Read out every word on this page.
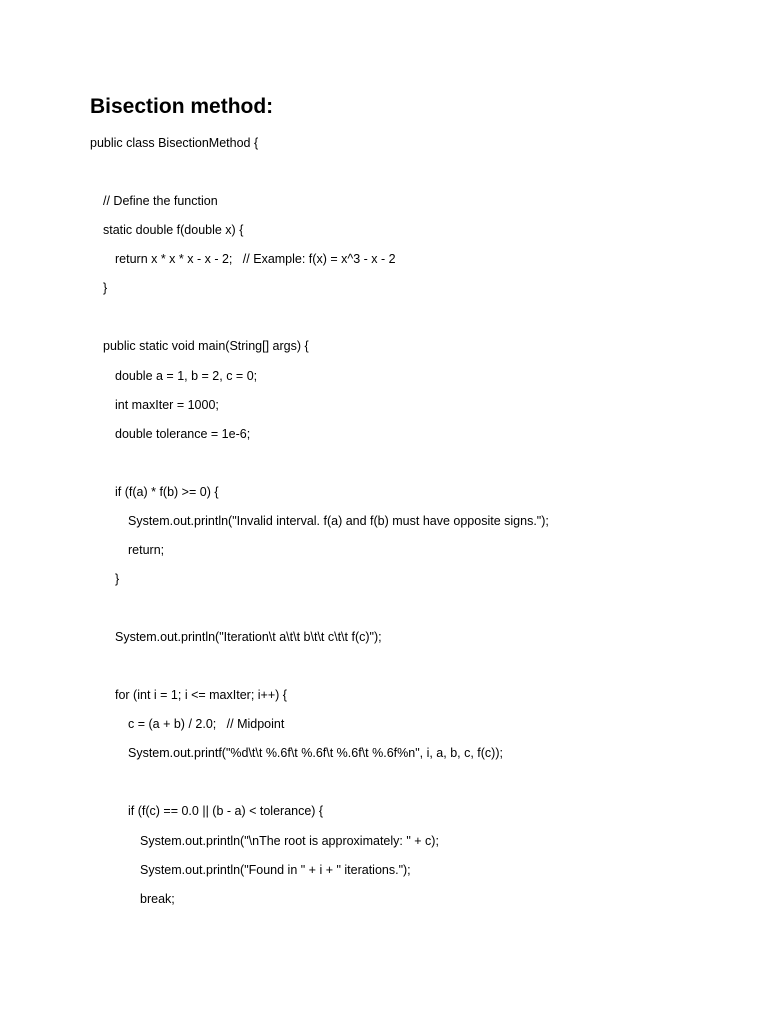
Bisection method:
public class BisectionMethod {
// Define the function
static double f(double x) {
return x * x * x - x - 2;   // Example: f(x) = x^3 - x - 2
}
public static void main(String[] args) {
double a = 1, b = 2, c = 0;
int maxIter = 1000;
double tolerance = 1e-6;
if (f(a) * f(b) >= 0) {
System.out.println("Invalid interval. f(a) and f(b) must have opposite signs.");
return;
}
System.out.println("Iteration\t a\t\t b\t\t c\t\t f(c)");
for (int i = 1; i <= maxIter; i++) {
c = (a + b) / 2.0;   // Midpoint
System.out.printf("%d\t\t %.6f\t %.6f\t %.6f\t %.6f%n", i, a, b, c, f(c));
if (f(c) == 0.0 || (b - a) < tolerance) {
System.out.println("\nThe root is approximately: " + c);
System.out.println("Found in " + i + " iterations.");
break;
